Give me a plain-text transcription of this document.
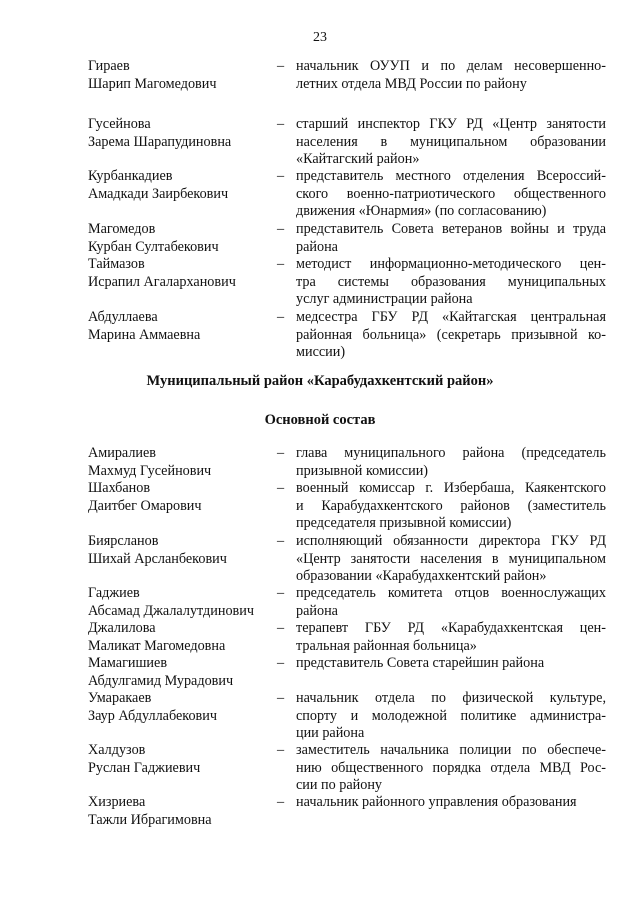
23
Гираев
Шарип Магомедович
– начальник ОУУП и по делам несовершенно-
летних отдела МВД России по району
Гусейнова
Зарема Шарапудиновна
– старший инспектор ГКУ РД «Центр занятости
населения в муниципальном образовании
«Кайтагский район»
Курбанкадиев
Амадкади Заирбекович
– представитель местного отделения Всероссий-
ского военно-патриотического общественного
движения «Юнармия» (по согласованию)
Магомедов
Курбан Султабекович
– представитель Совета ветеранов войны и труда
района
Таймазов
Исрапил Агаларханович
– методист информационно-методического цен-
тра системы образования муниципальных
услуг администрации района
Абдуллаева
Марина Аммаевна
– медсестра ГБУ РД «Кайтагская центральная
районная больница» (секретарь призывной ко-
миссии)
Муниципальный район «Карабудахкентский район»
Основной состав
Амиралиев
Махмуд Гусейнович
– глава муниципального района (председатель
призывной комиссии)
Шахбанов
Даитбег Омарович
– военный комиссар г. Избербаша, Каякентского
и Карабудахкентского районов (заместитель
председателя призывной комиссии)
Биярсланов
Шихай Арсланбекович
– исполняющий обязанности директора ГКУ РД
«Центр занятости населения в муниципальном
образовании «Карабудахкентский район»
Гаджиев
Абсамад Джалалутдинович
– председатель комитета отцов военнослужащих
района
Джалилова
Маликат Магомедовна
– терапевт ГБУ РД «Карабудахкентская цен-
тральная районная больница»
Мамагишиев
Абдулгамид Мурадович
– представитель Совета старейшин района
Умаракаев
Заур Абдуллабекович
– начальник отдела по физической культуре,
спорту и молодежной политике администра-
ции района
Халдузов
Руслан Гаджиевич
– заместитель начальника полиции по обеспече-
нию общественного порядка отдела МВД Рос-
сии по району
Хизриева
Тажли Ибрагимовна
– начальник районного управления образования
